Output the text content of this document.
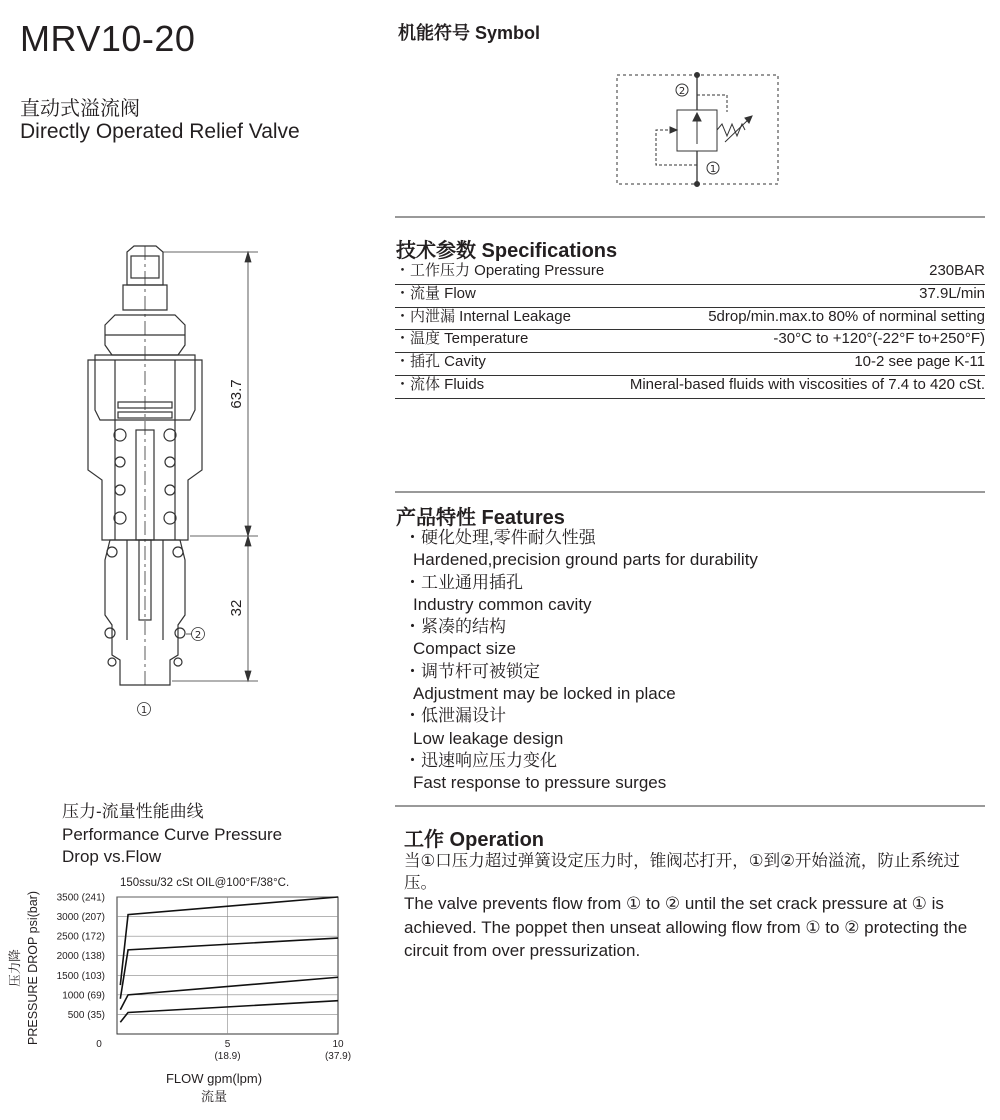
MRV10-20
直动式溢流阀
Directly Operated Relief Valve
机能符号 Symbol
2
1
2
1
63.7
32
500 (35)
1000 (69)
1500 (103)
2000 (138)
2500 (172)
3000 (207)
3500 (241)
0	5
(18.9)
10
(37.9)
FLOW gpm(lpm)
流量
PRESSURE DROP psi(bar)
压力降
技术参数 Specifications
・工作压力 Operating Pressure	230BAR
・流量 Flow	37.9L/min
・内泄漏 Internal Leakage	5drop/min.max.to 80% of norminal setting
・温度 Temperature	-30°C to +120°(-22°F to+250°F)
・插孔 Cavity	10-2 see page K-11
・流体 Fluids	Mineral-based fluids with viscosities of 7.4 to 420 cSt.
产品特性 Features
・硬化处理,零件耐久性强
Hardened,precision ground parts for durability
・工业通用插孔
Industry common cavity
・紧凑的结构
Compact size
・调节杆可被锁定
Adjustment may be locked in place
・低泄漏设计
Low leakage design
・迅速响应压力变化
Fast response to pressure surges
工作 Operation
当①口压力超过弹簧设定压力时，锥阀芯打开，①到②开始溢流，防止系统过压。
The valve prevents flow from ① to ② until the set crack pressure at ① is achieved. The poppet then unseat allowing flow from ① to ② protecting the circuit from over pressurization.
压力-流量性能曲线
Performance Curve Pressure
Drop vs.Flow
150ssu/32 cSt OIL@100°F/38°C.
